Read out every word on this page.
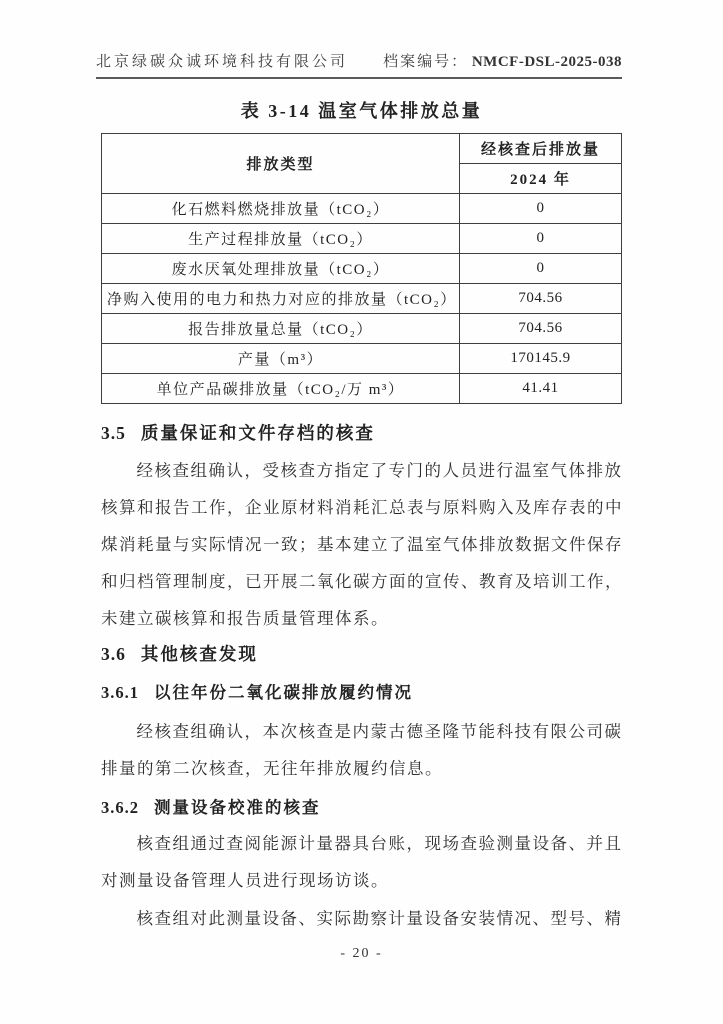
北京绿碳众诚环境科技有限公司 档案编号： NMCF-DSL-2025-038
表 3-14 温室气体排放总量
排放类型	经核查后排放量
	2024 年
化石燃料燃烧排放量（tCO₂）	0
生产过程排放量（tCO₂）	0
废水厌氧处理排放量（tCO₂）	0
净购入使用的电力和热力对应的排放量（tCO₂）	704.56
报告排放量总量（tCO₂）	704.56
产量（m³）	170145.9
单位产品碳排放量（tCO₂/万 m³）	41.41
3.5 质量保证和文件存档的核查
经核查组确认，受核查方指定了专门的人员进行温室气体排放
核算和报告工作，企业原材料消耗汇总表与原料购入及库存表的中
煤消耗量与实际情况一致；基本建立了温室气体排放数据文件保存
和归档管理制度，已开展二氧化碳方面的宣传、教育及培训工作，
未建立碳核算和报告质量管理体系。
3.6 其他核查发现
3.6.1 以往年份二氧化碳排放履约情况
经核查组确认，本次核查是内蒙古德圣隆节能科技有限公司碳
排量的第二次核查，无往年排放履约信息。
3.6.2 测量设备校准的核查
核查组通过查阅能源计量器具台账，现场查验测量设备、并且
对测量设备管理人员进行现场访谈。
核查组对此测量设备、实际勘察计量设备安装情况、型号、精
- 20 -
